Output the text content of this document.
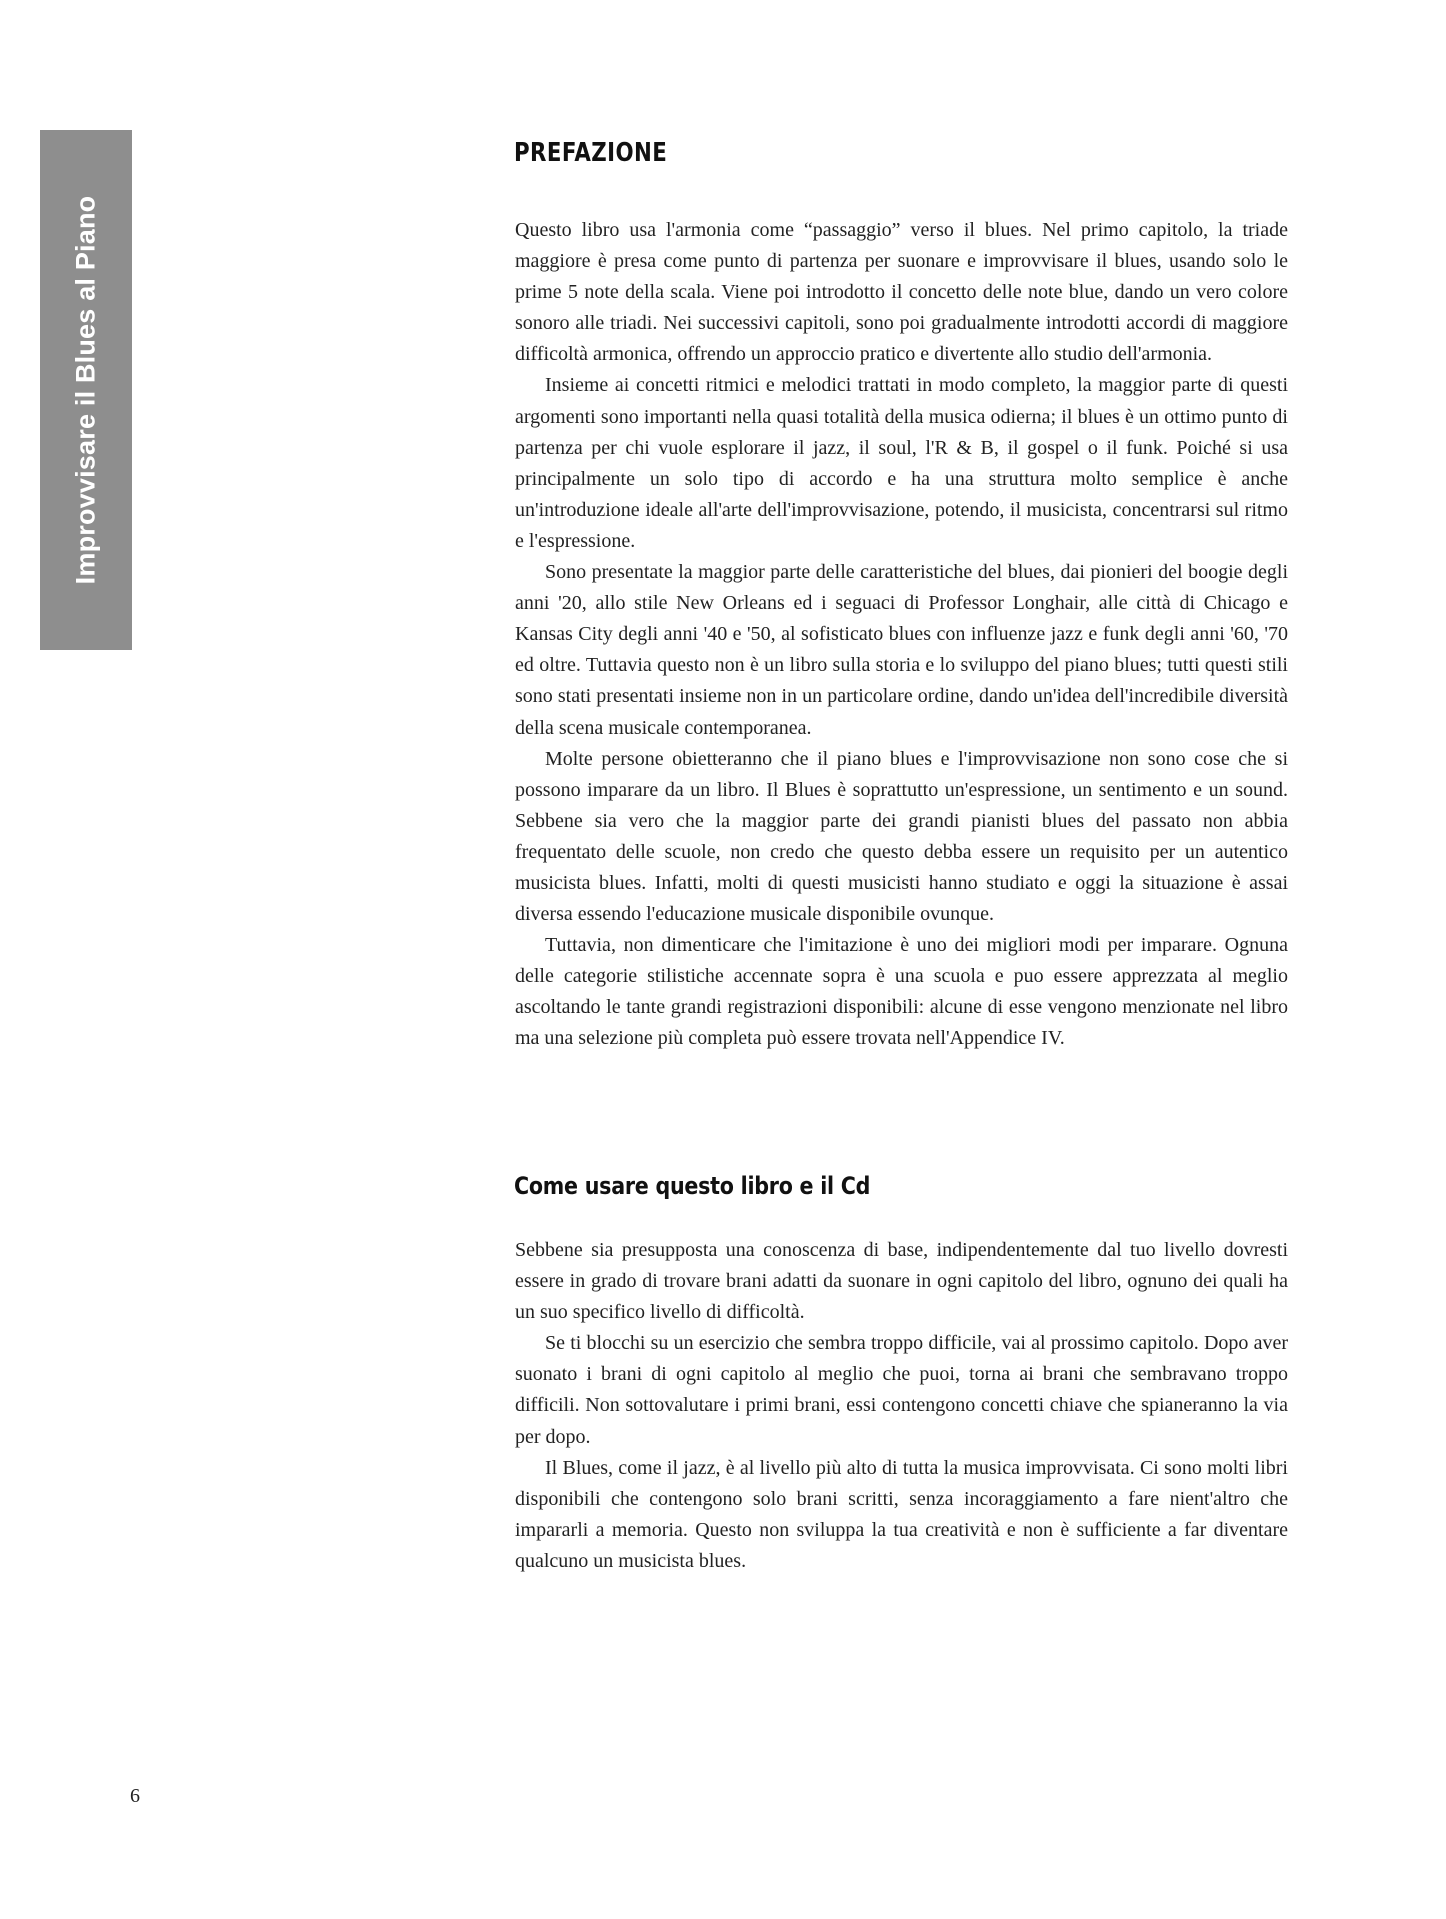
Improvvisare il Blues al Piano
PREFAZIONE

Questo libro usa l'armonia come “passaggio” verso il blues. Nel primo capitolo, la triade maggiore è presa come punto di partenza per suonare e improvvisare il blues, usando solo le prime 5 note della scala. Viene poi introdotto il concetto delle note blue, dando un vero colore sonoro alle triadi. Nei successivi capitoli, sono poi gradualmente introdotti accordi di maggiore difficoltà armonica, offrendo un approccio pratico e divertente allo studio dell'armonia.

Insieme ai concetti ritmici e melodici trattati in modo completo, la maggior parte di questi argomenti sono importanti nella quasi totalità della musica odierna; il blues è un ottimo punto di partenza per chi vuole esplorare il jazz, il soul, l'R & B, il gospel o il funk. Poiché si usa principalmente un solo tipo di accordo e ha una struttura molto semplice è anche un'introduzione ideale all'arte dell'improvvisazione, potendo, il musicista, concentrarsi sul ritmo e l'espressione.

Sono presentate la maggior parte delle caratteristiche del blues, dai pionieri del boogie degli anni '20, allo stile New Orleans ed i seguaci di Professor Longhair, alle città di Chicago e Kansas City degli anni '40 e '50, al sofisticato blues con influenze jazz e funk degli anni '60, '70 ed oltre. Tuttavia questo non è un libro sulla storia e lo sviluppo del piano blues; tutti questi stili sono stati presentati insieme non in un particolare ordine, dando un'idea dell'incredibile diversità della scena musicale contemporanea.

Molte persone obietteranno che il piano blues e l'improvvisazione non sono cose che si possono imparare da un libro. Il Blues è soprattutto un'espressione, un sentimento e un sound. Sebbene sia vero che la maggior parte dei grandi pianisti blues del passato non abbia frequentato delle scuole, non credo che questo debba essere un requisito per un autentico musicista blues. Infatti, molti di questi musicisti hanno studiato e oggi la situazione è assai diversa essendo l'educazione musicale disponibile ovunque.

Tuttavia, non dimenticare che l'imitazione è uno dei migliori modi per imparare. Ognuna delle categorie stilistiche accennate sopra è una scuola e puo essere apprezzata al meglio ascoltando le tante grandi registrazioni disponibili: alcune di esse vengono menzionate nel libro ma una selezione più completa può essere trovata nell'Appendice IV.

Come usare questo libro e il Cd

Sebbene sia presupposta una conoscenza di base, indipendentemente dal tuo livello dovresti essere in grado di trovare brani adatti da suonare in ogni capitolo del libro, ognuno dei quali ha un suo specifico livello di difficoltà.

Se ti blocchi su un esercizio che sembra troppo difficile, vai al prossimo capitolo. Dopo aver suonato i brani di ogni capitolo al meglio che puoi, torna ai brani che sembravano troppo difficili. Non sottovalutare i primi brani, essi contengono concetti chiave che spianeranno la via per dopo.

Il Blues, come il jazz, è al livello più alto di tutta la musica improvvisata. Ci sono molti libri disponibili che contengono solo brani scritti, senza incoraggiamento a fare nient'altro che impararli a memoria. Questo non sviluppa la tua creatività e non è sufficiente a far diventare qualcuno un musicista blues.

6
